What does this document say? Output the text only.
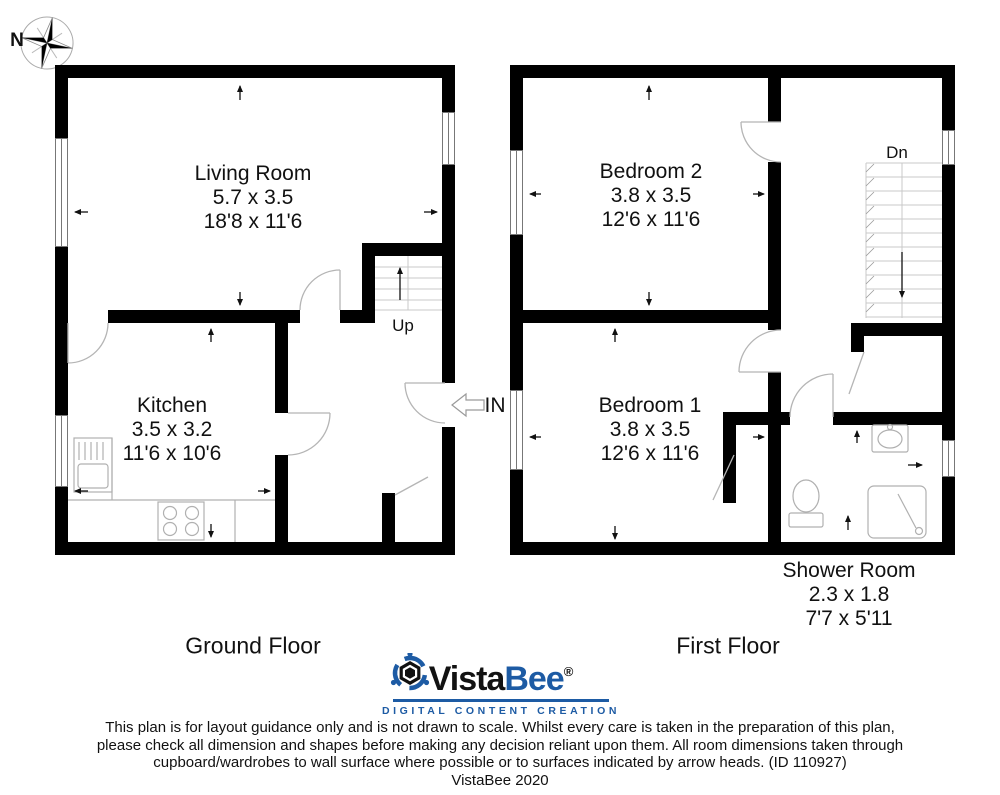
N
Living Room
5.7 x 3.5
18'8 x 11'6
Kitchen
3.5 x 3.2
11'6 x 10'6
Bedroom 2
3.8 x 3.5
12'6 x 11'6
Bedroom 1
3.8 x 3.5
12'6 x 11'6
Shower Room
2.3 x 1.8
7'7 x 5'11
Up
Dn
IN
Ground Floor	First Floor
VistaBee®
DIGITAL CONTENT CREATION
This plan is for layout guidance only and is not drawn to scale. Whilst every care is taken in the preparation of this plan,
please check all dimension and shapes before making any decision reliant upon them. All room dimensions taken through
cupboard/wardrobes to wall surface where possible or to surfaces indicated by arrow heads. (ID 110927)
VistaBee 2020
